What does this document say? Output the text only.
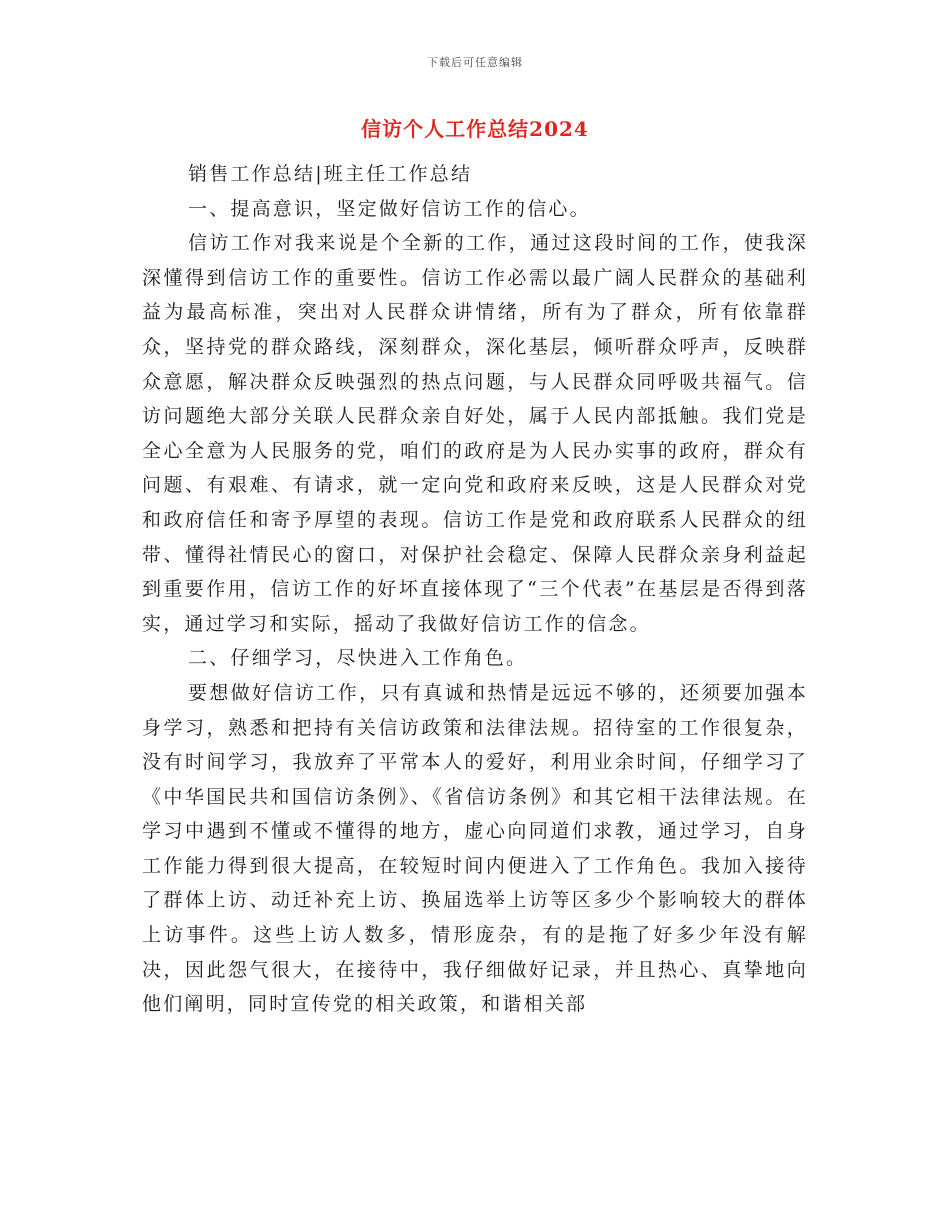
下载后可任意编辑
信访个人工作总结2024

销售工作总结|班主任工作总结

一、提高意识，坚定做好信访工作的信心。

信访工作对我来说是个全新的工作，通过这段时间的工作，使我深深懂得到信访工作的重要性。信访工作必需以最广阔人民群众的基础利益为最高标准，突出对人民群众讲情绪，所有为了群众，所有依靠群众，坚持党的群众路线，深刻群众，深化基层，倾听群众呼声，反映群众意愿，解决群众反映强烈的热点问题，与人民群众同呼吸共福气。信访问题绝大部分关联人民群众亲自好处，属于人民内部抵触。我们党是全心全意为人民服务的党，咱们的政府是为人民办实事的政府，群众有问题、有艰难、有请求，就一定向党和政府来反映，这是人民群众对党和政府信任和寄予厚望的表现。信访工作是党和政府联系人民群众的纽带、懂得社情民心的窗口，对保护社会稳定、保障人民群众亲身利益起到重要作用，信访工作的好坏直接体现了“三个代表”在基层是否得到落实，通过学习和实际，摇动了我做好信访工作的信念。

二、仔细学习，尽快进入工作角色。

要想做好信访工作，只有真诚和热情是远远不够的，还须要加强本身学习，熟悉和把持有关信访政策和法律法规。招待室的工作很复杂，没有时间学习，我放弃了平常本人的爱好，利用业余时间，仔细学习了《中华国民共和国信访条例》、《省信访条例》和其它相干法律法规。在学习中遇到不懂或不懂得的地方，虚心向同道们求教，通过学习，自身工作能力得到很大提高，在较短时间内便进入了工作角色。我加入接待了群体上访、动迁补充上访、换届选举上访等区多少个影响较大的群体上访事件。这些上访人数多，情形庞杂，有的是拖了好多少年没有解决，因此怨气很大，在接待中，我仔细做好记录，并且热心、真挚地向他们阐明，同时宣传党的相关政策，和谐相关部
